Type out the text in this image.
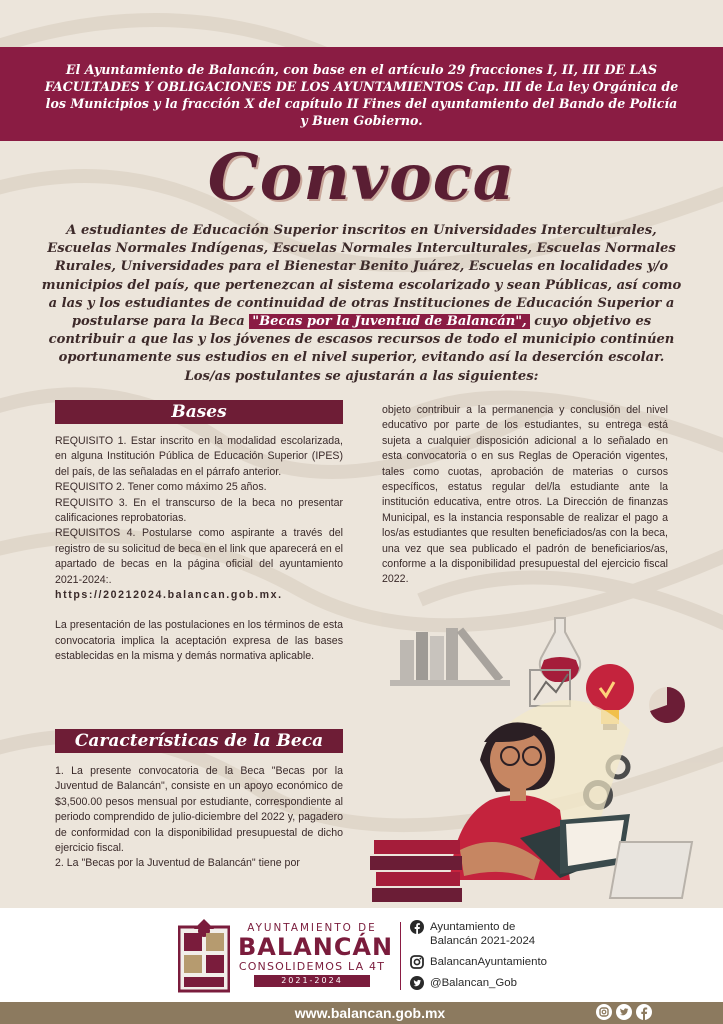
El Ayuntamiento de Balancán, con base en el artículo 29 fracciones I, II, III DE LAS FACULTADES Y OBLIGACIONES DE LOS AYUNTAMIENTOS Cap. III de La ley Orgánica de los Municipios y la fracción X del capítulo II Fines del ayuntamiento del Bando de Policía y Buen Gobierno.
Convoca
A estudiantes de Educación Superior inscritos en Universidades Interculturales, Escuelas Normales Indígenas, Escuelas Normales Interculturales, Escuelas Normales Rurales, Universidades para el Bienestar Benito Juárez, Escuelas en localidades y/o municipios del país, que pertenezcan al sistema escolarizado y sean Públicas, así como a las y los estudiantes de continuidad de otras Instituciones de Educación Superior a postularse para la Beca "Becas por la Juventud de Balancán", cuyo objetivo es contribuir a que las y los jóvenes de escasos recursos de todo el municipio continúen oportunamente sus estudios en el nivel superior, evitando así la deserción escolar.
Los/as postulantes se ajustarán a las siguientes:
Bases

REQUISITO 1. Estar inscrito en la modalidad escolarizada, en alguna Institución Pública de Educación Superior (IPES) del país, de las señaladas en el párrafo anterior.

REQUISITO 2. Tener como máximo 25 años.

REQUISITO 3. En el transcurso de la beca no presentar calificaciones reprobatorias.

REQUISITOS 4. Postularse como aspirante a través del registro de su solicitud de beca en el link que aparecerá en el apartado de becas en la página oficial del ayuntamiento 2021-2024:.

https://20212024.balancan.gob.mx.

La presentación de las postulaciones en los términos de esta convocatoria implica la aceptación expresa de las bases establecidas en la misma y demás normativa aplicable.

Características de la Beca

1. La presente convocatoria de la Beca "Becas por la Juventud de Balancán", consiste en un apoyo económico de $3,500.00 pesos mensual por estudiante, correspondiente al periodo comprendido de julio-diciembre del 2022 y, pagadero de conformidad con la disponibilidad presupuestal de dicho ejercicio fiscal.

2. La "Becas por la Juventud de Balancán" tiene por

objeto contribuir a la permanencia y conclusión del nivel educativo por parte de los estudiantes, su entrega está sujeta a cualquier disposición adicional a lo señalado en esta convocatoria o en sus Reglas de Operación vigentes, tales como cuotas, aprobación de materias o cursos específicos, estatus regular del/la estudiante ante la institución educativa, entre otros. La Dirección de finanzas Municipal, es la instancia responsable de realizar el pago a los/as estudiantes que resulten beneficiados/as con la beca, una vez que sea publicado el padrón de beneficiarios/as, conforme a la disponibilidad presupuestal del ejercicio fiscal 2022.

AYUNTAMIENTO DE
BALANCÁN
CONSOLIDEMOS LA 4T
2021-2024
Ayuntamiento de Balancán 2021-2024
BalancanAyuntamiento
@Balancan_Gob
www.balancan.gob.mx
